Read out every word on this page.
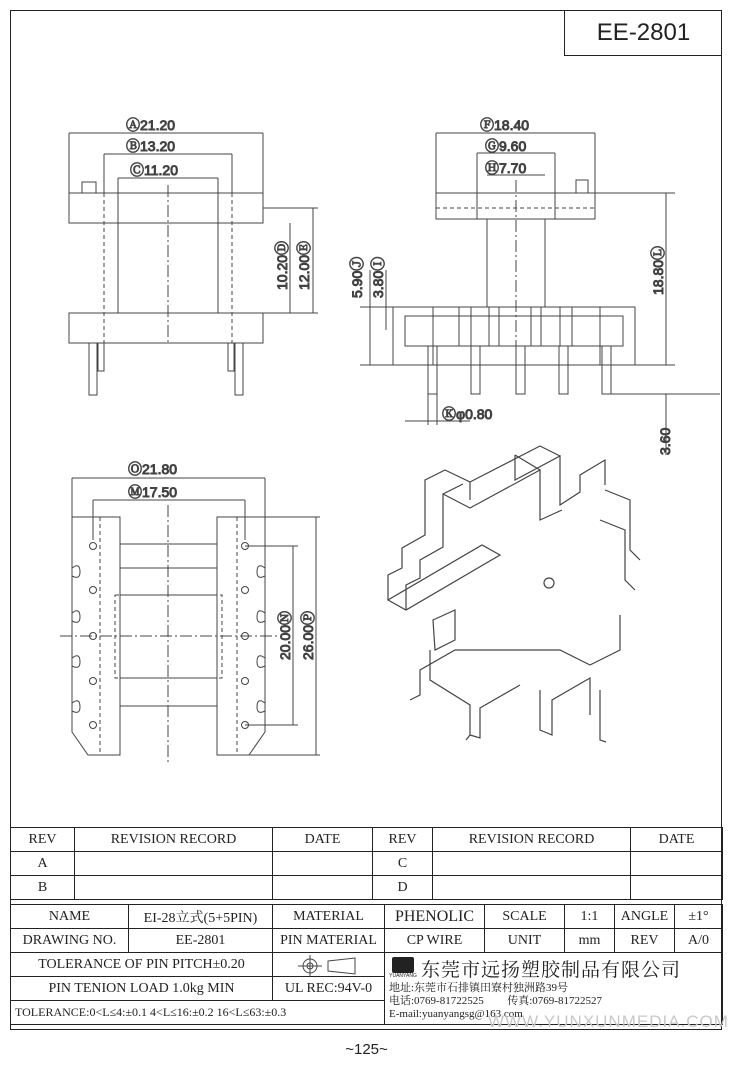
EE-2801
Ⓐ21.20
Ⓑ13.20
Ⓒ11.20
10.20Ⓓ
12.00Ⓔ
Ⓕ18.40
Ⓖ9.60
Ⓗ7.70
18.80Ⓛ
5.90Ⓙ
3.80Ⓘ
Ⓚφ0.80
3.60
Ⓞ21.80
Ⓜ17.50
20.00Ⓝ
26.00Ⓟ
REV	REVISION RECORD	DATE	REV	REVISION RECORD	DATE
A			C		
B			D		
NAME	EI-28立式(5+5PIN)	MATERIAL	PHENOLIC	SCALE	1:1	ANGLE	±1°
DRAWING NO.	EE-2801	PIN MATERIAL	CP WIRE	UNIT	mm	REV	A/0
TOLERANCE OF PIN PITCH±0.20			YUANYANG 东莞市远扬塑胶制品有限公司
地址:东莞市石排镇田寮村独洲路39号
电话:0769-81722525 传真:0769-81722527
E-mail:yuanyangsg@163.com				

PIN TENION LOAD 1.0kg MIN		UL REC:94V-0					
TOLERANCE:0<L≤4:±0.1 4<L≤16:±0.2 16<L≤63:±0.3								WWW.YUNXUNMEDIA.COM
~125~
